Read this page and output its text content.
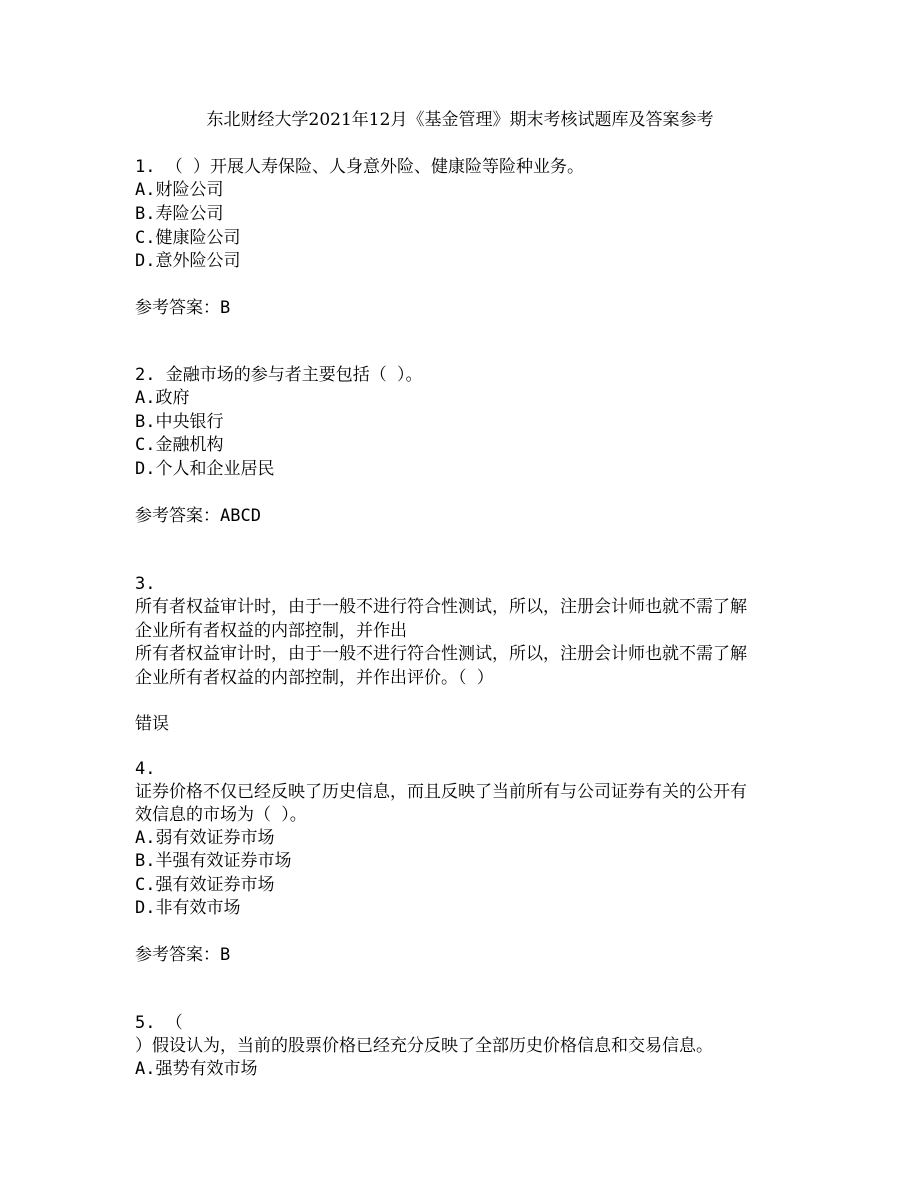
东北财经大学2021年12月《基金管理》期末考核试题库及答案参考
1. （ ）开展人寿保险、人身意外险、健康险等险种业务。
A.财险公司
B.寿险公司
C.健康险公司
D.意外险公司
参考答案：B
2. 金融市场的参与者主要包括（ ）。
A.政府
B.中央银行
C.金融机构
D.个人和企业居民
参考答案：ABCD
3.
所有者权益审计时，由于一般不进行符合性测试，所以，注册会计师也就不需了解
企业所有者权益的内部控制，并作出
所有者权益审计时，由于一般不进行符合性测试，所以，注册会计师也就不需了解
企业所有者权益的内部控制，并作出评价。（ ）
错误
4.
证券价格不仅已经反映了历史信息，而且反映了当前所有与公司证券有关的公开有
效信息的市场为（ ）。
A.弱有效证券市场
B.半强有效证券市场
C.强有效证券市场
D.非有效市场
参考答案：B
5. （
）假设认为，当前的股票价格已经充分反映了全部历史价格信息和交易信息。
A.强势有效市场
